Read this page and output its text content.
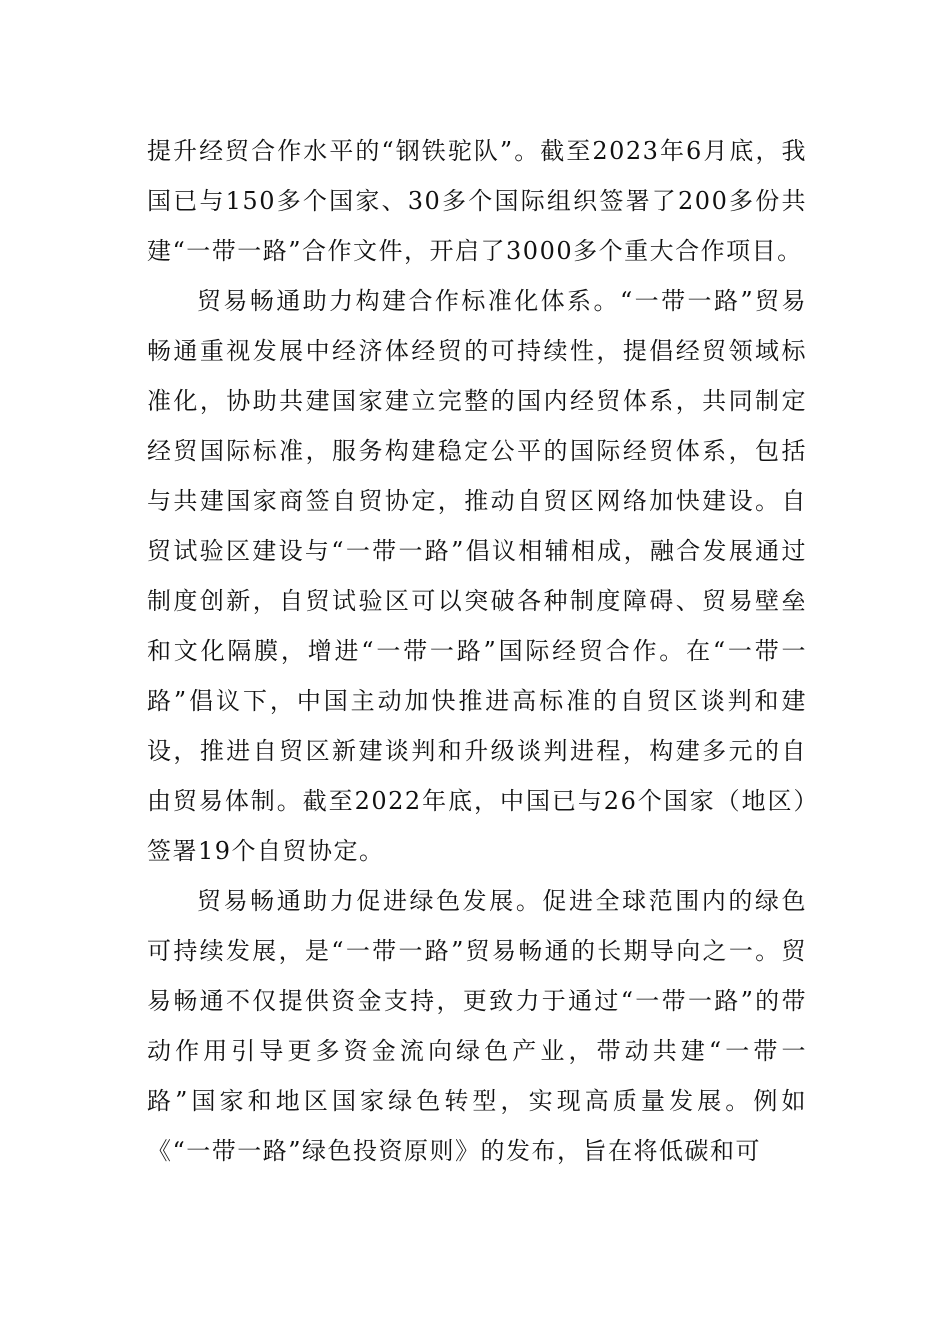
提升经贸合作水平的“钢铁驼队”。截至2023年6月底，我国已与150多个国家、30多个国际组织签署了200多份共建“一带一路”合作文件，开启了3000多个重大合作项目。

贸易畅通助力构建合作标准化体系。“一带一路”贸易畅通重视发展中经济体经贸的可持续性，提倡经贸领域标准化，协助共建国家建立完整的国内经贸体系，共同制定经贸国际标准，服务构建稳定公平的国际经贸体系，包括与共建国家商签自贸协定，推动自贸区网络加快建设。自贸试验区建设与“一带一路”倡议相辅相成，融合发展通过制度创新，自贸试验区可以突破各种制度障碍、贸易壁垒和文化隔膜，增进“一带一路”国际经贸合作。在“一带一路”倡议下，中国主动加快推进高标准的自贸区谈判和建设，推进自贸区新建谈判和升级谈判进程，构建多元的自由贸易体制。截至2022年底，中国已与26个国家（地区）签署19个自贸协定。

贸易畅通助力促进绿色发展。促进全球范围内的绿色可持续发展，是“一带一路”贸易畅通的长期导向之一。贸易畅通不仅提供资金支持，更致力于通过“一带一路”的带动作用引导更多资金流向绿色产业，带动共建“一带一路”国家和地区国家绿色转型，实现高质量发展。例如《“一带一路”绿色投资原则》的发布，旨在将低碳和可
